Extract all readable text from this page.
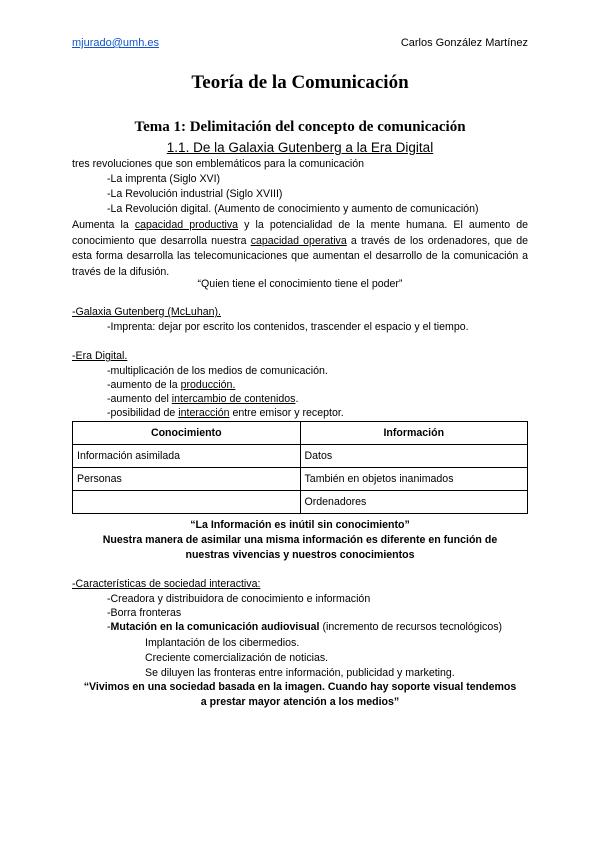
mjurado@umh.es	Carlos González Martínez
Teoría de la Comunicación
Tema 1: Delimitación del concepto de comunicación
1.1. De la Galaxia Gutenberg a la Era Digital
tres revoluciones que son emblemáticos para la comunicación
-La imprenta (Siglo XVI)
-La Revolución industrial (Siglo XVIII)
-La Revolución digital. (Aumento de conocimiento y aumento de comunicación)
Aumenta la capacidad productiva y la potencialidad de la mente humana. El aumento de conocimiento que desarrolla nuestra capacidad operativa a través de los ordenadores, que de esta forma desarrolla las telecomunicaciones que aumentan el desarrollo de la comunicación a través de la difusión.
“Quien tiene el conocimiento tiene el poder”
-Galaxia Gutenberg (McLuhan).
-Imprenta: dejar por escrito los contenidos, trascender el espacio y el tiempo.
-Era Digital.
-multiplicación de los medios de comunicación.
-aumento de la producción.
-aumento del intercambio de contenidos.
-posibilidad de interacción entre emisor y receptor.
Conocimiento	Información
Información asimilada	Datos
Personas	También en objetos inanimados
	Ordenadores
“La Información es inútil sin conocimiento”
Nuestra manera de asimilar una misma información es diferente en función de
nuestras vivencias y nuestros conocimientos
-Características de sociedad interactiva:
-Creadora y distribuidora de conocimiento e información
-Borra fronteras
-Mutación en la comunicación audiovisual (incremento de recursos tecnológicos)
Implantación de los cibermedios.
Creciente comercialización de noticias.
Se diluyen las fronteras entre información, publicidad y marketing.
“Vivimos en una sociedad basada en la imagen. Cuando hay soporte visual tendemos
a prestar mayor atención a los medios”
